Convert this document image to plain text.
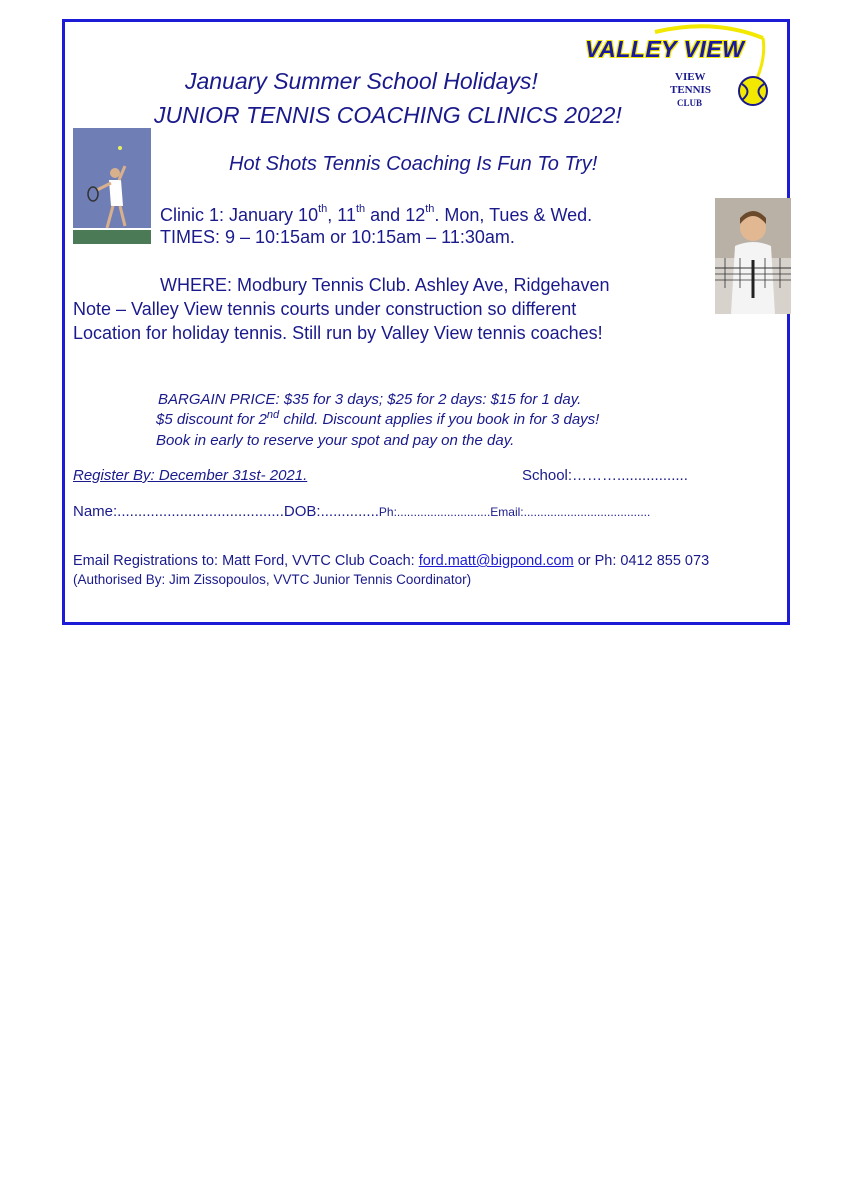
VALLEY VIEW
VIEW
TENNIS
CLUB
January Summer School Holidays!
JUNIOR TENNIS COACHING CLINICS 2022!
Hot Shots Tennis Coaching Is Fun To Try!
Clinic 1: January 10th, 11th and 12th. Mon, Tues & Wed.
TIMES: 9 – 10:15am or 10:15am – 11:30am.
WHERE: Modbury Tennis Club. Ashley Ave, Ridgehaven
Note – Valley View tennis courts under construction so different
Location for holiday tennis. Still run by Valley View tennis coaches!
BARGAIN PRICE: $35 for 3 days; $25 for 2 days: $15 for 1 day.
$5 discount for 2nd child. Discount applies if you book in for 3 days!
Book in early to reserve your spot and pay on the day.
Register By: December 31st- 2021.	School:……….................
Name:........................................DOB:..............Ph:............................Email:......................................
Email Registrations to: Matt Ford, VVTC Club Coach: ford.matt@bigpond.com or Ph: 0412 855 073
(Authorised By: Jim Zissopoulos, VVTC Junior Tennis Coordinator)
